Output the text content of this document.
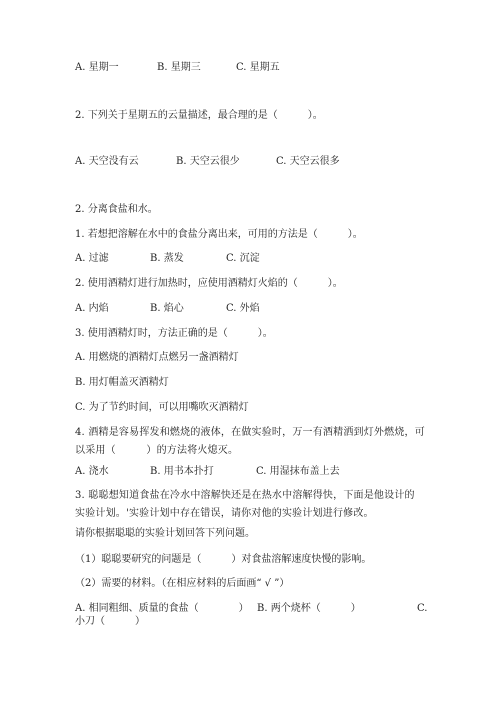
A. 星期一	B. 星期三	C. 星期五
2. 下列关于星期五的云量描述，最合理的是（　　　）。
A. 天空没有云	B. 天空云很少	C. 天空云很多
2. 分离食盐和水。
1. 若想把溶解在水中的食盐分离出来，可用的方法是（　　　）。
A. 过滤	B. 蒸发	C. 沉淀
2. 使用酒精灯进行加热时，应使用酒精灯火焰的（　　　）。
A. 内焰	B. 焰心	C. 外焰
3. 使用酒精灯时，方法正确的是（　　　）。
A. 用燃烧的酒精灯点燃另一盏酒精灯
B. 用灯帽盖灭酒精灯
C. 为了节约时间，可以用嘴吹灭酒精灯
4. 酒精是容易挥发和燃烧的液体，在做实验时，万一有酒精洒到灯外燃烧，可
以采用（　　　）的方法将火熄灭。
A. 浇水	B. 用书本扑打	C. 用湿抹布盖上去
3. 聪聪想知道食盐在冷水中溶解快还是在热水中溶解得快，下面是他设计的
实验计划。'实验计划中存在错误，请你对他的实验计划进行修改。
请你根据聪聪的实验计划回答下列问题。
（1）聪聪要研究的问题是（　　　）对食盐溶解速度快慢的影响。
（2）需要的材料。（在相应材料的后面画“ √ ”）
A. 相同粗细、质量的食盐（　　　　） B. 两个烧杯（　　　）	C.
小刀（　　　）
